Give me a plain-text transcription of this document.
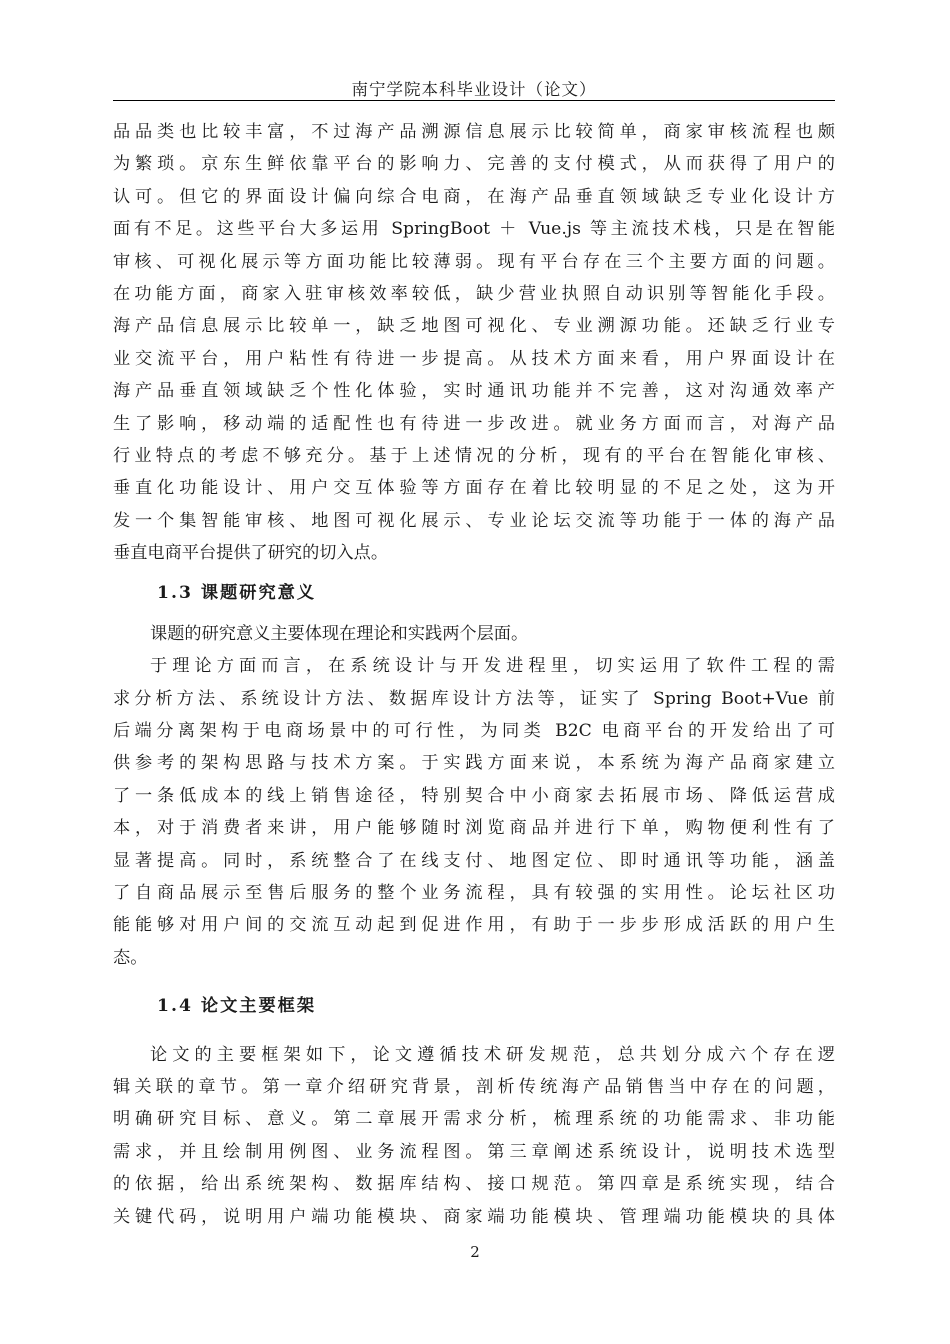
南宁学院本科毕业设计（论文）
品品类也比较丰富，不过海产品溯源信息展示比较简单，商家审核流程也颇
为繁琐。京东生鲜依靠平台的影响力、完善的支付模式，从而获得了用户的
认可。但它的界面设计偏向综合电商，在海产品垂直领域缺乏专业化设计方
面有不足。这些平台大多运用 SpringBoot ＋ Vue.js 等主流技术栈，只是在智能
审核、可视化展示等方面功能比较薄弱。现有平台存在三个主要方面的问题。
在功能方面，商家入驻审核效率较低，缺少营业执照自动识别等智能化手段。
海产品信息展示比较单一，缺乏地图可视化、专业溯源功能。还缺乏行业专
业交流平台，用户粘性有待进一步提高。从技术方面来看，用户界面设计在
海产品垂直领域缺乏个性化体验，实时通讯功能并不完善，这对沟通效率产
生了影响，移动端的适配性也有待进一步改进。就业务方面而言，对海产品
行业特点的考虑不够充分。基于上述情况的分析，现有的平台在智能化审核、
垂直化功能设计、用户交互体验等方面存在着比较明显的不足之处，这为开
发一个集智能审核、地图可视化展示、专业论坛交流等功能于一体的海产品
垂直电商平台提供了研究的切入点。
1.3 课题研究意义
课题的研究意义主要体现在理论和实践两个层面。
于理论方面而言，在系统设计与开发进程里，切实运用了软件工程的需
求分析方法、系统设计方法、数据库设计方法等，证实了 Spring Boot+Vue 前
后端分离架构于电商场景中的可行性，为同类 B2C 电商平台的开发给出了可
供参考的架构思路与技术方案。于实践方面来说，本系统为海产品商家建立
了一条低成本的线上销售途径，特别契合中小商家去拓展市场、降低运营成
本，对于消费者来讲，用户能够随时浏览商品并进行下单，购物便利性有了
显著提高。同时，系统整合了在线支付、地图定位、即时通讯等功能，涵盖
了自商品展示至售后服务的整个业务流程，具有较强的实用性。论坛社区功
能能够对用户间的交流互动起到促进作用，有助于一步步形成活跃的用户生
态。
1.4 论文主要框架
论文的主要框架如下，论文遵循技术研发规范，总共划分成六个存在逻
辑关联的章节。第一章介绍研究背景，剖析传统海产品销售当中存在的问题，
明确研究目标、意义。第二章展开需求分析，梳理系统的功能需求、非功能
需求，并且绘制用例图、业务流程图。第三章阐述系统设计，说明技术选型
的依据，给出系统架构、数据库结构、接口规范。第四章是系统实现，结合
关键代码，说明用户端功能模块、商家端功能模块、管理端功能模块的具体
2
